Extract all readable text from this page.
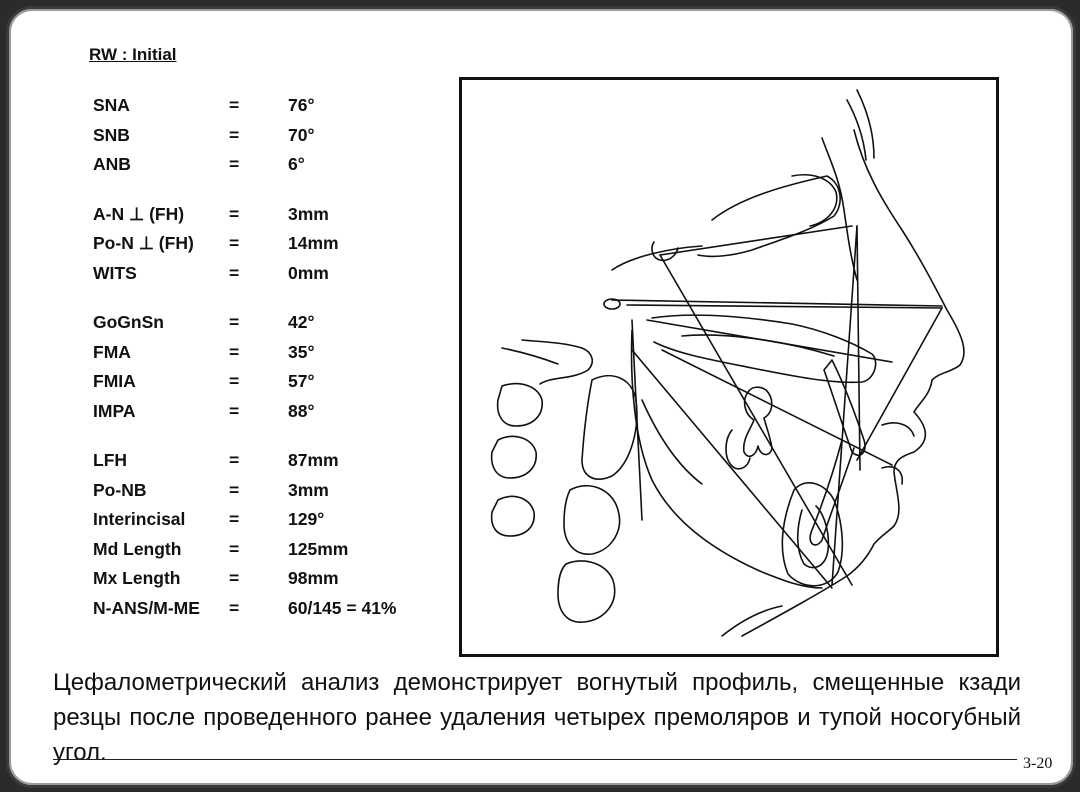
RW : Initial
SNA	=	76°
SNB	=	70°
ANB	=	6°
A-N ⊥ (FH)	=	3mm
Po-N ⊥ (FH) =	14mm
WITS	=	0mm
GoGnSn	=	42°
FMA	=	35°
FMIA	=	57°
IMPA	=	88°
LFH	=	87mm
Po-NB	=	3mm
Interincisal =	129°
Md Length	=	125mm
Mx Length	=	98mm
N-ANS/M-ME =	60/145 = 41%
Цефалометрический анализ демонстрирует вогнутый профиль, смещенные кзади резцы после проведенного ранее удаления четырех премоляров и тупой носогубный угол.	3-20
